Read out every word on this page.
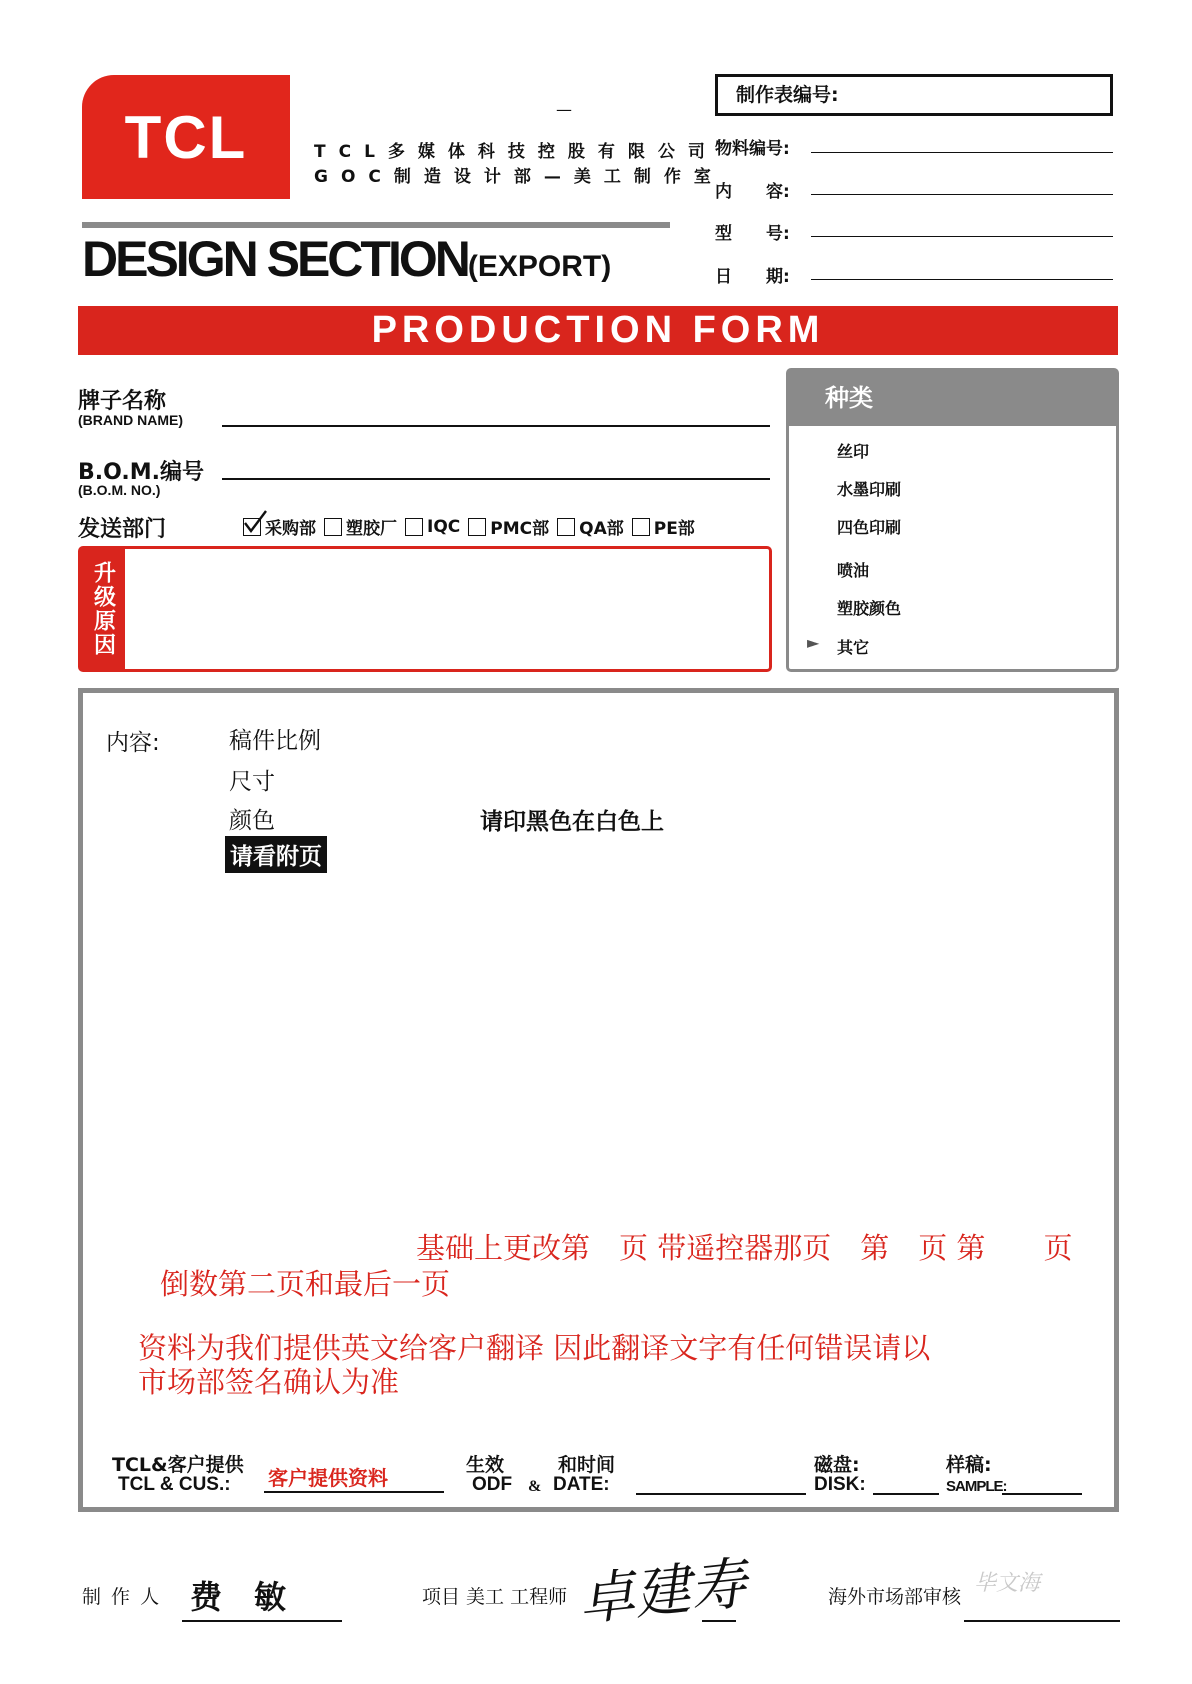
TCL	—
TCL多媒体科技控股有限公司
GOC制造设计部—美工制作室
DESIGN SECTION(EXPORT)
制作表编号:
物料编号:
内　　容:
型　　号:
日　　期:
PRODUCTION FORM
牌子名称
(BRAND NAME)
B.O.M.编号
(B.O.M. NO.)
发送部门	采购部 塑胶厂 IQC PMC部 QA部 PE部
升级原因
种类
丝印
水墨印刷
四色印刷
喷油
塑胶颜色
其它
►
内容:	稿件比例
尺寸
颜色
请看附页
请印黑色在白色上
基础上更改第　页 带遥控器那页　第　页 第　　页
倒数第二页和最后一页
资料为我们提供英文给客户翻译 因此翻译文字有任何错误请以
市场部签名确认为准
TCL&客户提供
TCL & CUS.: 客户提供资料
生效
ODF
和时间
& DATE:
磁盘:
DISK:
样稿:
SAMPLE:
制 作 人 费　敏	项目 美工 工程师 卓建寿	海外市场部审核
毕文海
